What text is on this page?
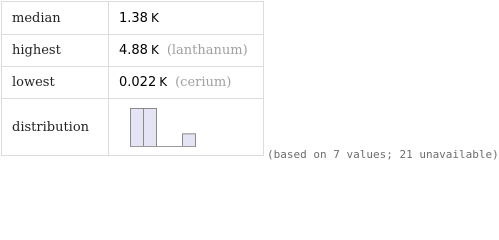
median	1.38 K
highest	4.88 K (lanthanum)
lowest	0.022 K (cerium)
distribution	
(based on 7 values; 21 unavailable)
